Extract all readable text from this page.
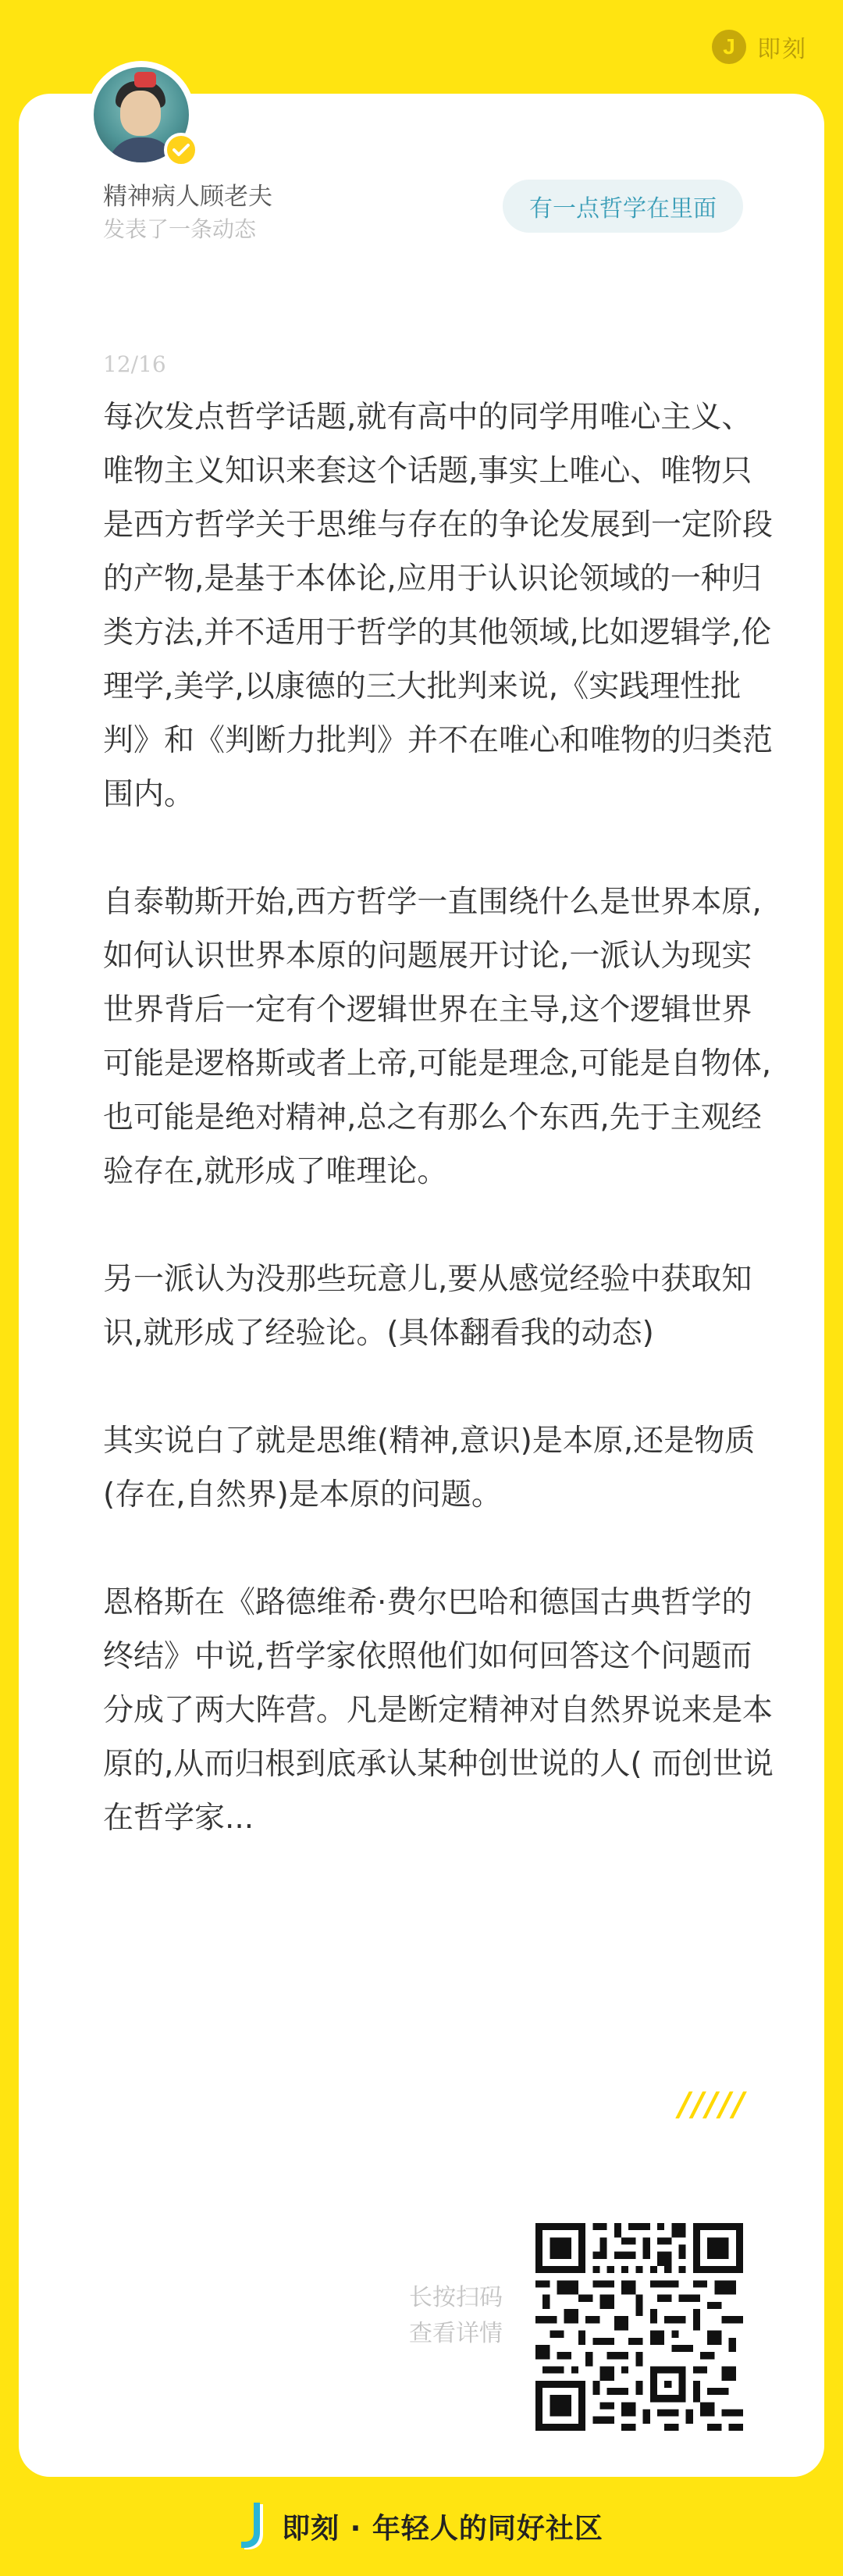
J 即刻

精神病人顾老夫

发表了一条动态

有一点哲学在里面
12/16

每次发点哲学话题,就有高中的同学用唯心主义、唯物主义知识来套这个话题,事实上唯心、唯物只是西方哲学关于思维与存在的争论发展到一定阶段的产物,是基于本体论,应用于认识论领域的一种归类方法,并不适用于哲学的其他领域,比如逻辑学,伦理学,美学,以康德的三大批判来说,《实践理性批判》和《判断力批判》并不在唯心和唯物的归类范围内。

自泰勒斯开始,西方哲学一直围绕什么是世界本原,如何认识世界本原的问题展开讨论,一派认为现实世界背后一定有个逻辑世界在主导,这个逻辑世界可能是逻格斯或者上帝,可能是理念,可能是自物体,也可能是绝对精神,总之有那么个东西,先于主观经验存在,就形成了唯理论。

另一派认为没那些玩意儿,要从感觉经验中获取知识,就形成了经验论。(具体翻看我的动态)

其实说白了就是思维(精神,意识)是本原,还是物质(存在,自然界)是本原的问题。

恩格斯在《路德维希·费尔巴哈和德国古典哲学的终结》中说,哲学家依照他们如何回答这个问题而分成了两大阵营。凡是断定精神对自然界说来是本原的,从而归根到底承认某种创世说的人( 而创世说在哲学家...

/////
长按扫码
查看详情
即刻 · 年轻人的同好社区
